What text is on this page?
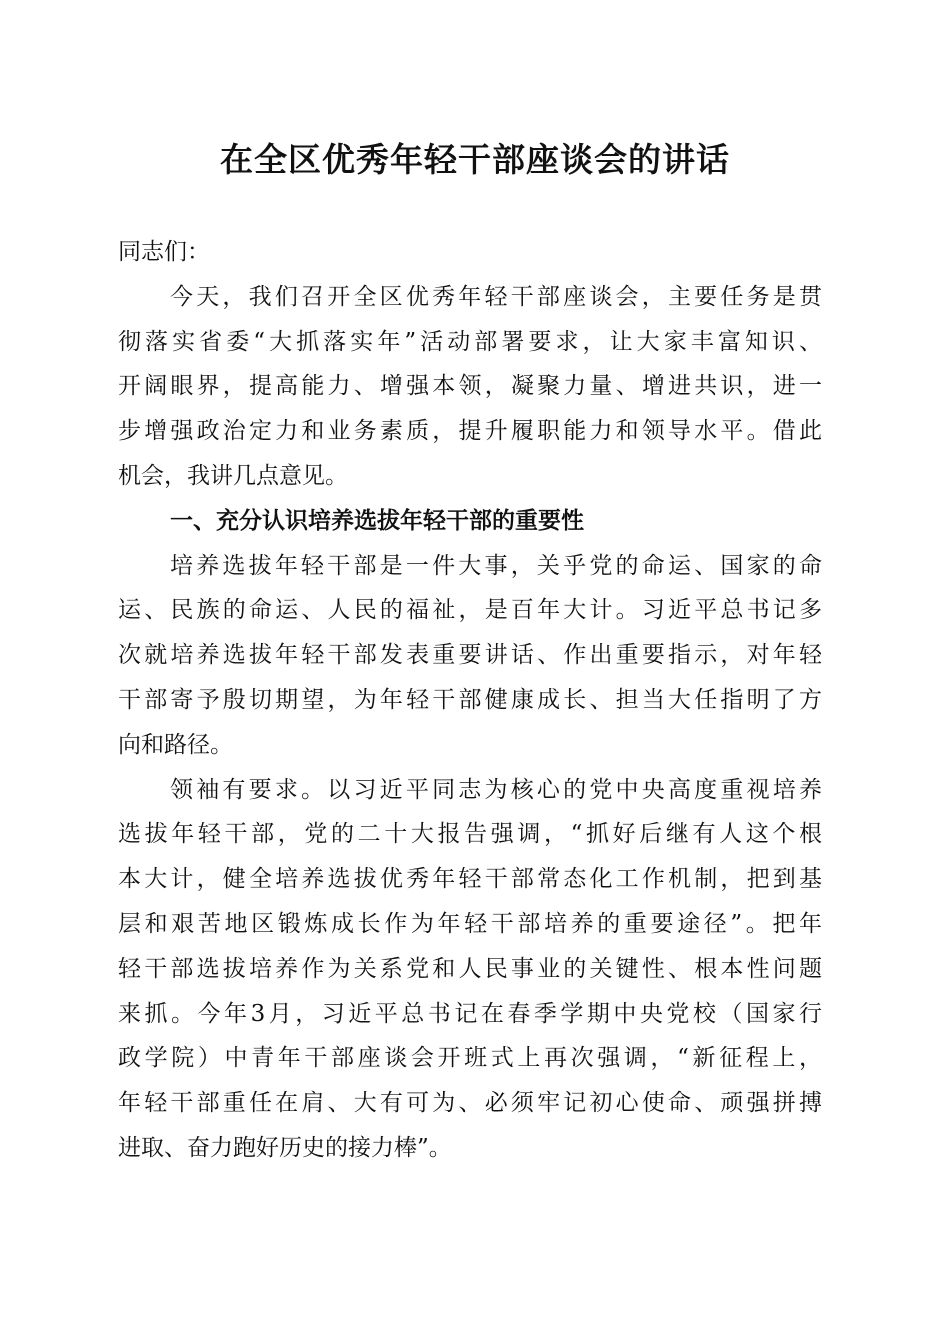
在全区优秀年轻干部座谈会的讲话
同志们：
今天，我们召开全区优秀年轻干部座谈会，主要任务是贯
彻落实省委“大抓落实年”活动部署要求，让大家丰富知识、
开阔眼界，提高能力、增强本领，凝聚力量、增进共识，进一
步增强政治定力和业务素质，提升履职能力和领导水平。借此
机会，我讲几点意见。
一、充分认识培养选拔年轻干部的重要性
培养选拔年轻干部是一件大事，关乎党的命运、国家的命
运、民族的命运、人民的福祉，是百年大计。习近平总书记多
次就培养选拔年轻干部发表重要讲话、作出重要指示，对年轻
干部寄予殷切期望，为年轻干部健康成长、担当大任指明了方
向和路径。
领袖有要求。以习近平同志为核心的党中央高度重视培养
选拔年轻干部，党的二十大报告强调，“抓好后继有人这个根
本大计，健全培养选拔优秀年轻干部常态化工作机制，把到基
层和艰苦地区锻炼成长作为年轻干部培养的重要途径”。把年
轻干部选拔培养作为关系党和人民事业的关键性、根本性问题
来抓。今年3月，习近平总书记在春季学期中央党校（国家行
政学院）中青年干部座谈会开班式上再次强调，“新征程上，
年轻干部重任在肩、大有可为、必须牢记初心使命、顽强拼搏
进取、奋力跑好历史的接力棒”。
